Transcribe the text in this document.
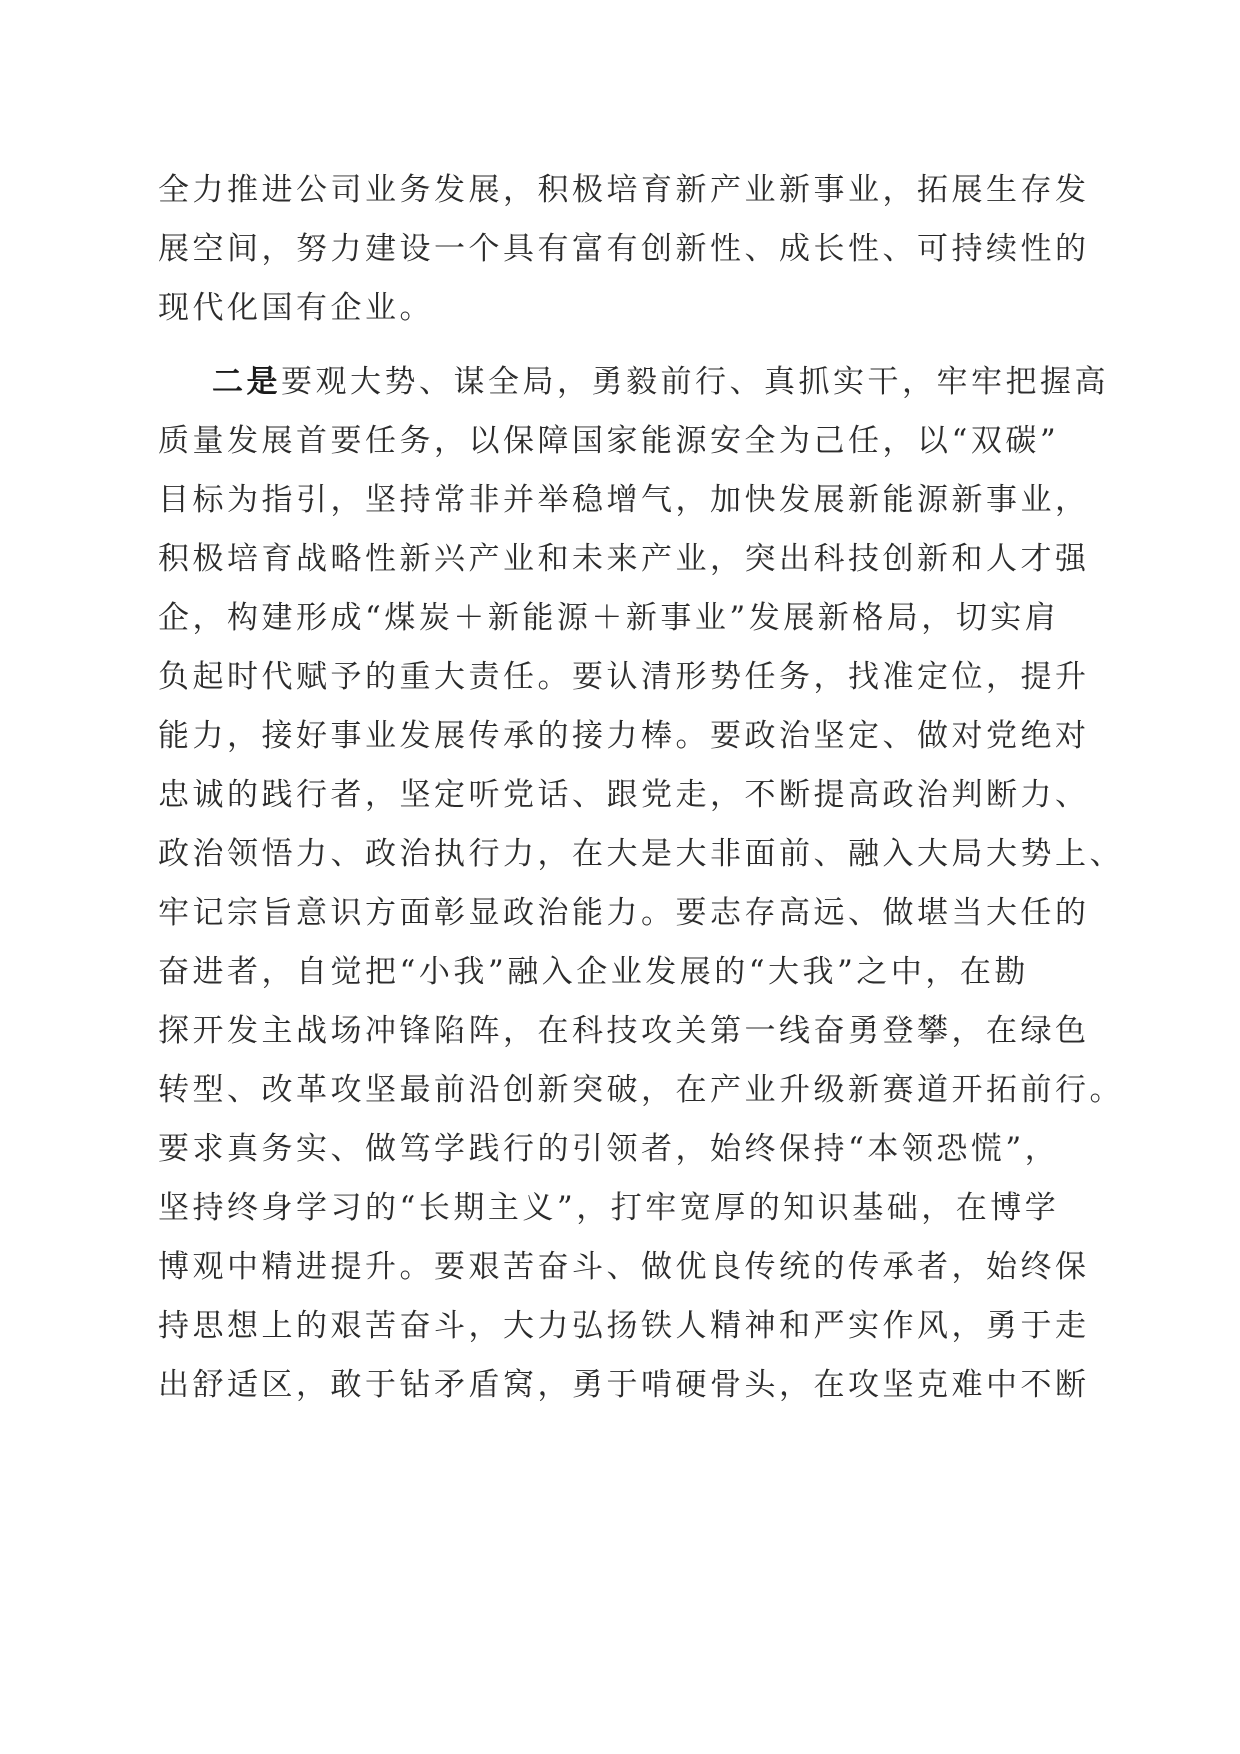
全力推进公司业务发展，积极培育新产业新事业，拓展生存发
展空间，努力建设一个具有富有创新性、成长性、可持续性的
现代化国有企业。
二是要观大势、谋全局，勇毅前行、真抓实干，牢牢把握高
质量发展首要任务，以保障国家能源安全为己任，以“双碳”
目标为指引，坚持常非并举稳增气，加快发展新能源新事业，
积极培育战略性新兴产业和未来产业，突出科技创新和人才强
企，构建形成“煤炭＋新能源＋新事业”发展新格局，切实肩
负起时代赋予的重大责任。要认清形势任务，找准定位，提升
能力，接好事业发展传承的接力棒。要政治坚定、做对党绝对
忠诚的践行者，坚定听党话、跟党走，不断提高政治判断力、
政治领悟力、政治执行力，在大是大非面前、融入大局大势上、
牢记宗旨意识方面彰显政治能力。要志存高远、做堪当大任的
奋进者，自觉把“小我”融入企业发展的“大我”之中，在勘
探开发主战场冲锋陷阵，在科技攻关第一线奋勇登攀，在绿色
转型、改革攻坚最前沿创新突破，在产业升级新赛道开拓前行。
要求真务实、做笃学践行的引领者，始终保持“本领恐慌”，
坚持终身学习的“长期主义”，打牢宽厚的知识基础，在博学
博观中精进提升。要艰苦奋斗、做优良传统的传承者，始终保
持思想上的艰苦奋斗，大力弘扬铁人精神和严实作风，勇于走
出舒适区，敢于钻矛盾窝，勇于啃硬骨头，在攻坚克难中不断
